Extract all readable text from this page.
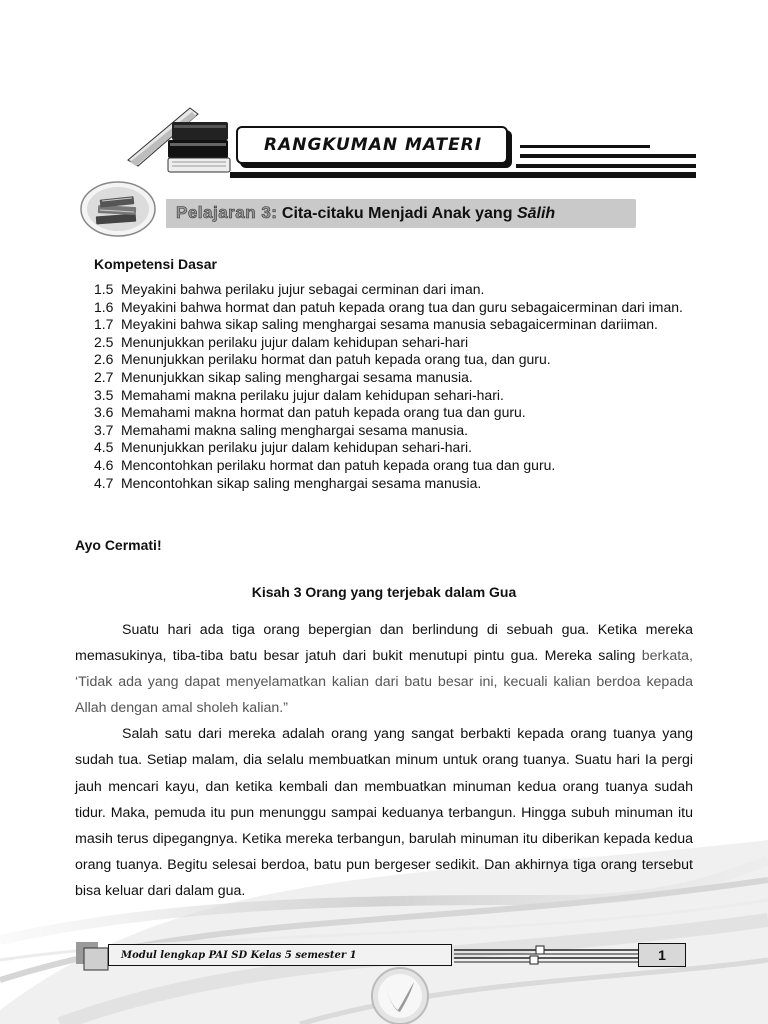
RANGKUMAN MATERI
Pelajaran 3: Cita-citaku Menjadi Anak yang Sālih
Kompetensi Dasar
1.5 Meyakini bahwa perilaku jujur sebagai cerminan dari iman.
1.6 Meyakini bahwa hormat dan patuh kepada orang tua dan guru sebagaicerminan dari iman.
1.7 Meyakini bahwa sikap saling menghargai sesama manusia sebagaicerminan dariiman.
2.5 Menunjukkan perilaku jujur dalam kehidupan sehari-hari
2.6 Menunjukkan perilaku hormat dan patuh kepada orang tua, dan guru.
2.7 Menunjukkan sikap saling menghargai sesama manusia.
3.5 Memahami makna perilaku jujur dalam kehidupan sehari-hari.
3.6 Memahami makna hormat dan patuh kepada orang tua dan guru.
3.7 Memahami makna saling menghargai sesama manusia.
4.5 Menunjukkan perilaku jujur dalam kehidupan sehari-hari.
4.6 Mencontohkan perilaku hormat dan patuh kepada orang tua dan guru.
4.7 Mencontohkan sikap saling menghargai sesama manusia.
Ayo Cermati!
Kisah 3 Orang yang terjebak dalam Gua

Suatu hari ada tiga orang bepergian dan berlindung di sebuah gua. Ketika mereka memasukinya, tiba-tiba batu besar jatuh dari bukit menutupi pintu gua. Mereka saling berkata, ‘Tidak ada yang dapat menyelamatkan kalian dari batu besar ini, kecuali kalian berdoa kepada Allah dengan amal sholeh kalian.”

Salah satu dari mereka adalah orang yang sangat berbakti kepada orang tuanya yang sudah tua. Setiap malam, dia selalu membuatkan minum untuk orang tuanya. Suatu hari Ia pergi jauh mencari kayu, dan ketika kembali dan membuatkan minuman kedua orang tuanya sudah tidur. Maka, pemuda itu pun menunggu sampai keduanya terbangun. Hingga subuh minuman itu masih terus dipegangnya. Ketika mereka terbangun, barulah minuman itu diberikan kepada kedua orang tuanya. Begitu selesai berdoa, batu pun bergeser sedikit. Dan akhirnya tiga orang tersebut bisa keluar dari dalam gua.

Modul lengkap PAI SD Kelas 5 semester 1	1
